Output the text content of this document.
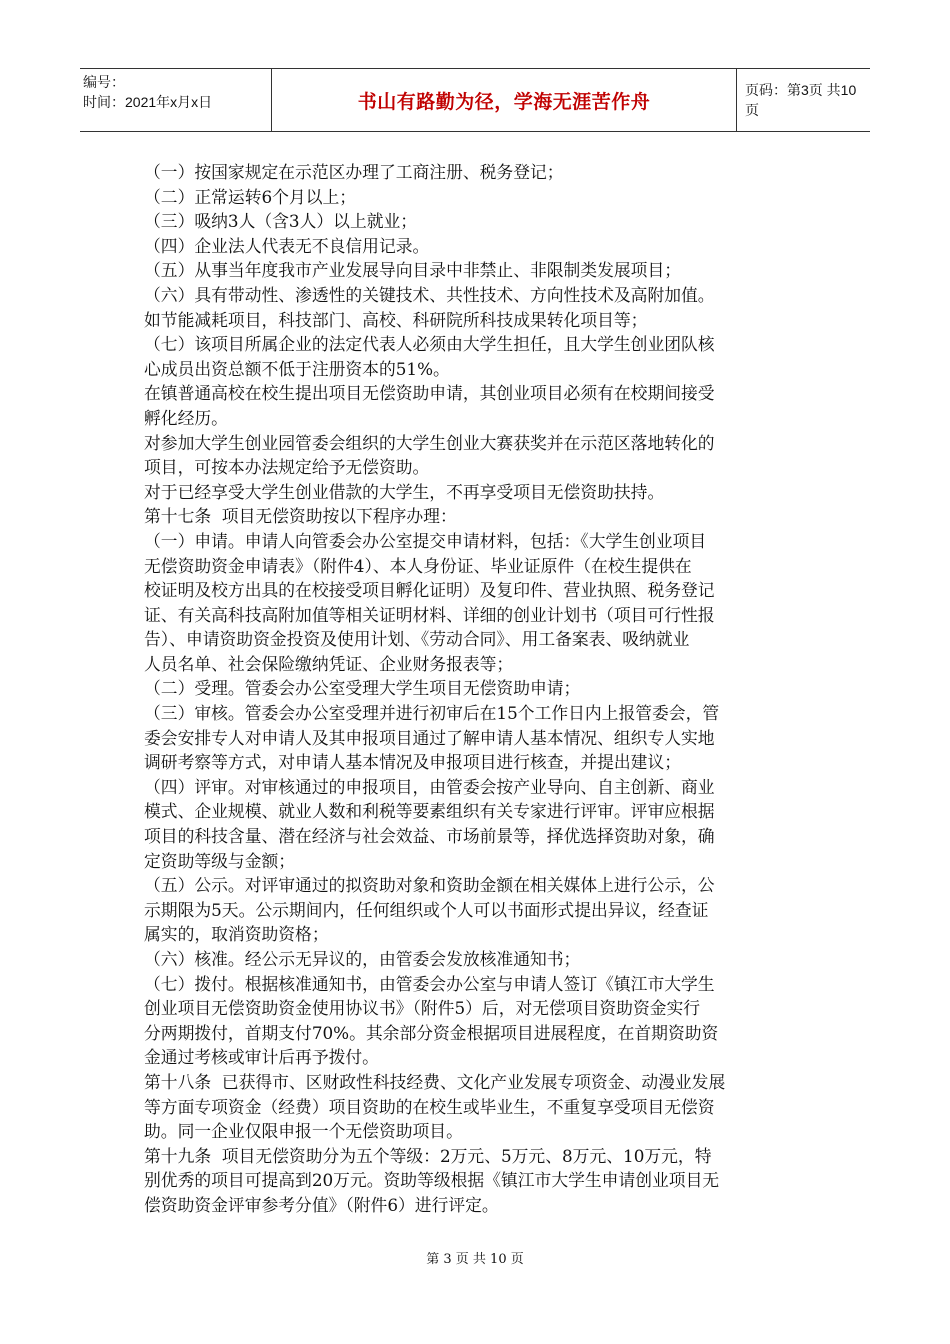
编号：
时间：2021年x月x日	书山有路勤为径，学海无涯苦作舟
页码：第3页 共10页

（一）按国家规定在示范区办理了工商注册、税务登记；

（二）正常运转6个月以上；

（三）吸纳3人（含3人）以上就业；

（四）企业法人代表无不良信用记录。

（五）从事当年度我市产业发展导向目录中非禁止、非限制类发展项目；

（六）具有带动性、渗透性的关键技术、共性技术、方向性技术及高附加值。

如节能减耗项目，科技部门、高校、科研院所科技成果转化项目等；

（七）该项目所属企业的法定代表人必须由大学生担任，且大学生创业团队核

心成员出资总额不低于注册资本的51%。

在镇普通高校在校生提出项目无偿资助申请，其创业项目必须有在校期间接受

孵化经历。

对参加大学生创业园管委会组织的大学生创业大赛获奖并在示范区落地转化的

项目，可按本办法规定给予无偿资助。

对于已经享受大学生创业借款的大学生，不再享受项目无偿资助扶持。

第十七条  项目无偿资助按以下程序办理：

（一）申请。申请人向管委会办公室提交申请材料，包括：《大学生创业项目

无偿资助资金申请表》（附件4）、本人身份证、毕业证原件（在校生提供在

校证明及校方出具的在校接受项目孵化证明）及复印件、营业执照、税务登记

证、有关高科技高附加值等相关证明材料、详细的创业计划书（项目可行性报

告）、申请资助资金投资及使用计划、《劳动合同》、用工备案表、吸纳就业

人员名单、社会保险缴纳凭证、企业财务报表等；

（二）受理。管委会办公室受理大学生项目无偿资助申请；

（三）审核。管委会办公室受理并进行初审后在15个工作日内上报管委会，管

委会安排专人对申请人及其申报项目通过了解申请人基本情况、组织专人实地

调研考察等方式，对申请人基本情况及申报项目进行核查，并提出建议；

（四）评审。对审核通过的申报项目，由管委会按产业导向、自主创新、商业

模式、企业规模、就业人数和利税等要素组织有关专家进行评审。评审应根据

项目的科技含量、潜在经济与社会效益、市场前景等，择优选择资助对象，确

定资助等级与金额；

（五）公示。对评审通过的拟资助对象和资助金额在相关媒体上进行公示，公

示期限为5天。公示期间内，任何组织或个人可以书面形式提出异议，经查证

属实的，取消资助资格；

（六）核准。经公示无异议的，由管委会发放核准通知书；

（七）拨付。根据核准通知书，由管委会办公室与申请人签订《镇江市大学生

创业项目无偿资助资金使用协议书》（附件5）后，对无偿项目资助资金实行

分两期拨付，首期支付70%。其余部分资金根据项目进展程度，在首期资助资

金通过考核或审计后再予拨付。

第十八条  已获得市、区财政性科技经费、文化产业发展专项资金、动漫业发展

等方面专项资金（经费）项目资助的在校生或毕业生，不重复享受项目无偿资

助。同一企业仅限申报一个无偿资助项目。

第十九条  项目无偿资助分为五个等级：2万元、5万元、8万元、10万元，特

别优秀的项目可提高到20万元。资助等级根据《镇江市大学生申请创业项目无

偿资助资金评审参考分值》（附件6）进行评定。

第 3 页 共 10 页
